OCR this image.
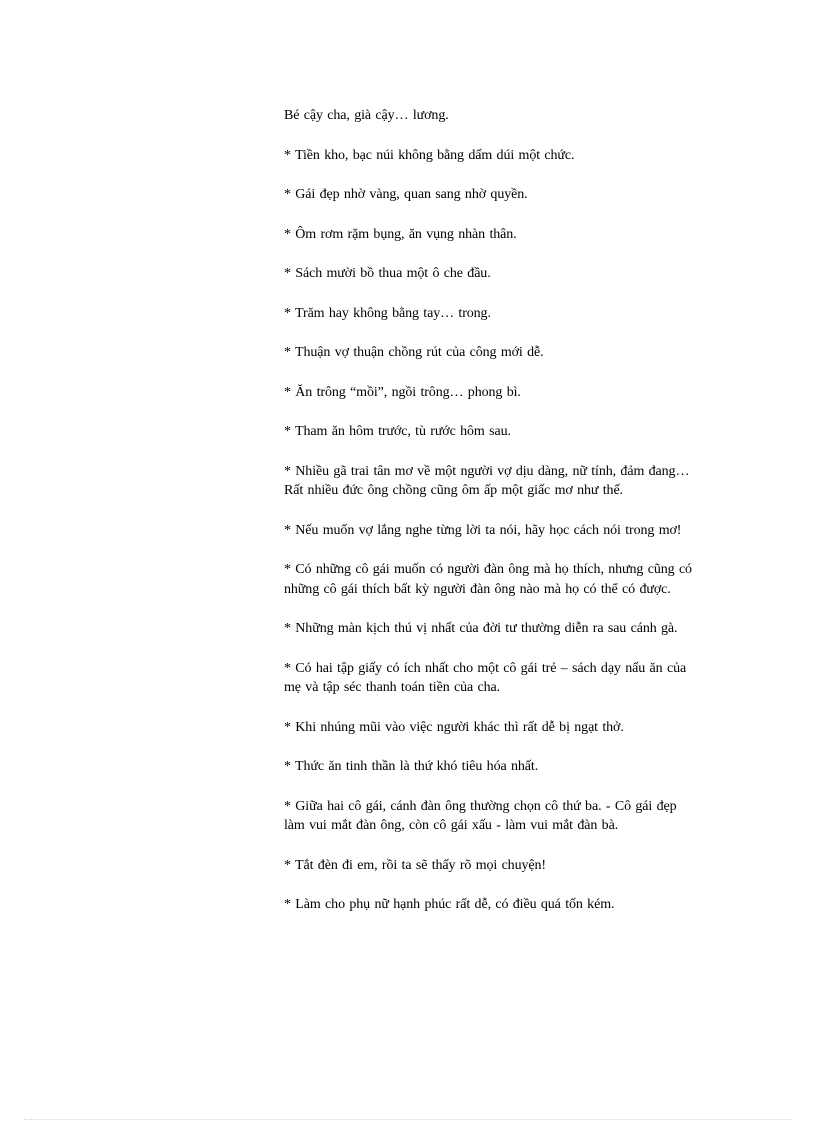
Bé cậy cha, già cậy… lương.

* Tiền kho, bạc núi không bằng dấm dúi một chức.

* Gái đẹp nhờ vàng, quan sang nhờ quyền.

* Ôm rơm rặm bụng, ăn vụng nhàn thân.

* Sách mười bồ thua một ô che đầu.

* Trăm hay không bằng tay… trong.

* Thuận vợ thuận chồng rút của công mới dễ.

* Ăn trông “mồi”, ngồi trông… phong bì.

* Tham ăn hôm trước, tù rước hôm sau.

* Nhiều gã trai tân mơ về một người vợ dịu dàng, nữ tính, đảm đang… Rất nhiều đức ông chồng cũng ôm ấp một giấc mơ như thế.

* Nếu muốn vợ lắng nghe từng lời ta nói, hãy học cách nói trong mơ!

* Có những cô gái muốn có người đàn ông mà họ thích, nhưng cũng có những cô gái thích bất kỳ người đàn ông nào mà họ có thể có được.

* Những màn kịch thú vị nhất của đời tư thường diễn ra sau cánh gà.

* Có hai tập giấy có ích nhất cho một cô gái trẻ – sách dạy nấu ăn của mẹ và tập séc thanh toán tiền của cha.

* Khi nhúng mũi vào việc người khác thì rất dễ bị ngạt thở.

* Thức ăn tinh thần là thứ khó tiêu hóa nhất.

* Giữa hai cô gái, cánh đàn ông thường chọn cô thứ ba. - Cô gái đẹp làm vui mắt đàn ông, còn cô gái xấu - làm vui mắt đàn bà.

* Tắt đèn đi em, rồi ta sẽ thấy rõ mọi chuyện!

* Làm cho phụ nữ hạnh phúc rất dễ, có điều quá tốn kém.
